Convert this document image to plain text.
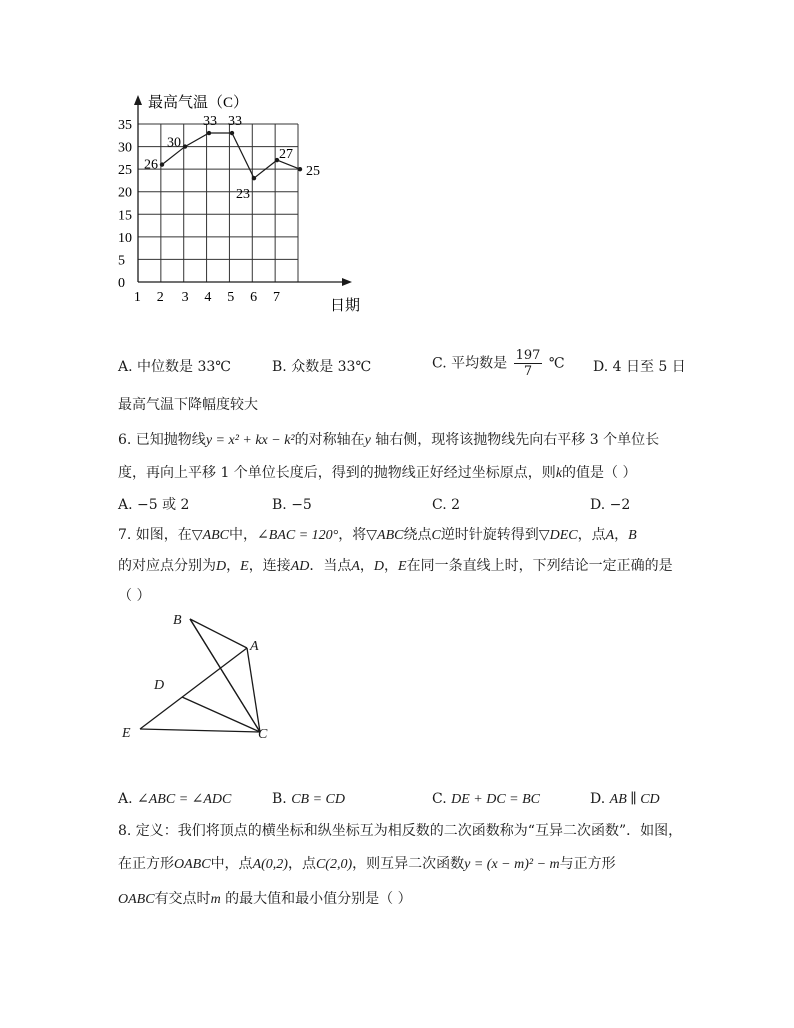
26
30
33 33
23
27
25
35
30
25
20
15
10
5
0
1 2 3 4 5 6 7
最高气温（C）
日期
A. 中位数是 33℃	B. 众数是 33℃	C. 平均数是 $\frac{197}{7}$ ℃ D. 4 日至 5 日
最高气温下降幅度较大
6. 已知抛物线y = x² + kx − k²的对称轴在y 轴右侧，现将该抛物线先向右平移 3 个单位长
度，再向上平移 1 个单位长度后，得到的抛物线正好经过坐标原点，则k的值是（ ）
A. −5 或 2	B. −5	C. 2	D. −2
7. 如图，在▽ABC中，∠BAC = 120°，将▽ABC绕点C逆时针旋转得到▽DEC，点A，B
的对应点分别为D，E，连接AD．当点A，D，E在同一条直线上时，下列结论一定正确的是
（ ）
B
A
D
E	C
A. ∠ABC = ∠ADC	B. CB = CD	C. DE + DC = BC	D. AB ∥ CD
8. 定义：我们将顶点的横坐标和纵坐标互为相反数的二次函数称为“互异二次函数”．如图，
在正方形OABC中，点A(0,2)，点C(2,0)，则互异二次函数y = (x − m)² − m与正方形
OABC有交点时m 的最大值和最小值分别是（ ）
